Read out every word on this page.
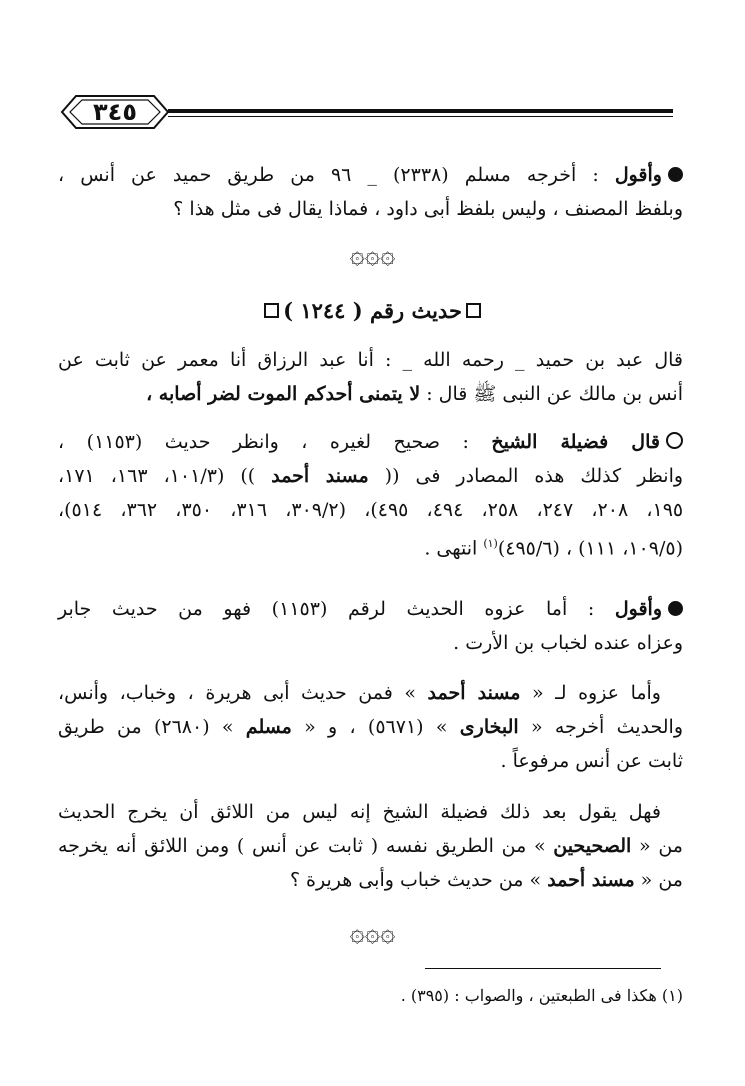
٣٤٥
وأقول : أخرجه مسلم (٢٣٣٨) _ ٩٦ من طريق حميد عن أنس ،
وبلفظ المصنف ، وليس بلفظ أبى داود ، فماذا يقال فى مثل هذا ؟
۞۞۞
حديث رقم ( ١٢٤٤ )
قال عبد بن حميد _ رحمه الله _ : أنا عبد الرزاق أنا معمر عن ثابت عن
أنس بن مالك عن النبى ﷺ قال : لا يتمنى أحدكم الموت لضر أصابه ،
قال فضيلة الشيخ : صحيح لغيره ، وانظر حديث (١١٥٣) ،
وانظر كذلك هذه المصادر فى (( مسند أحمد )) (١٠١/٣، ١٦٣، ١٧١،
١٩٥، ٢٠٨، ٢٤٧، ٢٥٨، ٤٩٤، ٤٩٥)، (٣٠٩/٢، ٣١٦، ٣٥٠، ٣٦٢، ٥١٤)،
(١٠٩/٥، ١١١) ، (٤٩٥/٦)$^{(١)}$ انتهى .
وأقول : أما عزوه الحديث لرقم (١١٥٣) فهو من حديث جابر
وعزاه عنده لخباب بن الأرت .
وأما عزوه لـ « مسند أحمد » فمن حديث أبى هريرة ، وخباب، وأنس،
والحديث أخرجه « البخارى » (٥٦٧١) ، و « مسلم » (٢٦٨٠) من طريق
ثابت عن أنس مرفوعاً .
فهل يقول بعد ذلك فضيلة الشيخ إنه ليس من اللائق أن يخرج الحديث
من « الصحيحين » من الطريق نفسه ( ثابت عن أنس ) ومن اللائق أنه يخرجه
من « مسند أحمد » من حديث خباب وأبى هريرة ؟
۞۞۞
(١) هكذا فى الطبعتين ، والصواب : (٣٩٥) .
